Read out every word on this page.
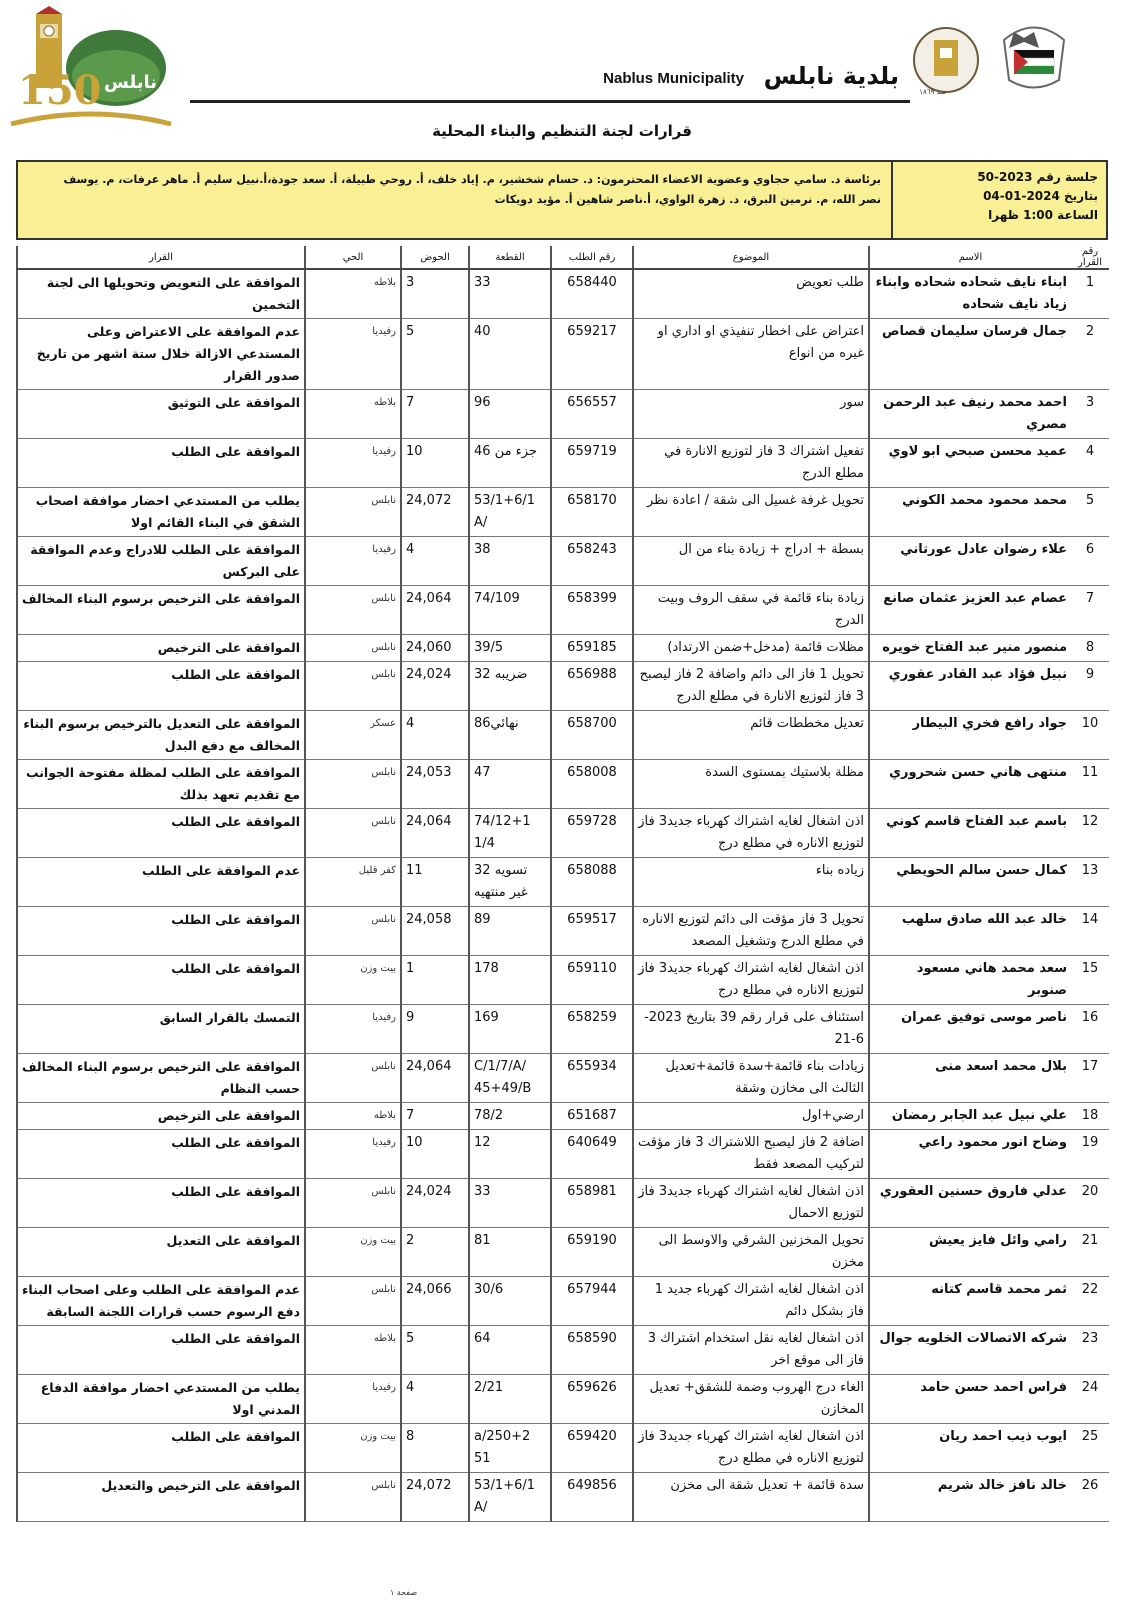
150 نابلس	بلدية نابلس
Nablus Municipality
منذ ١٨٦٩
قرارات لجنة التنظيم والبناء المحلية
جلسة رقم 2023-50
بتاريخ 2024-01-04
الساعة 1:00 ظهرا
برئاسة د. سامي حجاوي وعضوية الاعضاء المحترمون: د. حسام شخشير، م. إياد خلف، أ. روحي طبيلة، أ. سعد جودة،أ.نبيل سليم أ. ماهر عرفات، م. يوسف
نصر الله، م. نرمين البرق، د. زهرة الواوي، أ.ناصر شاهين أ. مؤيد دويكات
رقم القرار	الاسم	الموضوع	رقم الطلب	القطعة	الحوض	الحي	القرار
1	ابناء نايف شحاده شحاده وابناء زياد نايف شحاده	طلب تعويض	658440	33	3	بلاطه	الموافقة على التعويض وتحويلها الى لجنة التخمين
2	جمال فرسان سليمان قصاص	اعتراض على اخطار تنفيذي او اداري او غيره من انواع	659217	40	5	رفيديا	عدم الموافقة على الاعتراض وعلى المستدعي الازالة خلال ستة اشهر من تاريخ صدور القرار
3	احمد محمد رنيف عبد الرحمن مصري	سور	656557	96	7	بلاطه	الموافقة على التوثيق
4	عميد محسن صبحي ابو لاوي	تفعيل اشتراك 3 فاز لتوزيع الانارة في مطلع الدرج	659719	جزء من 46	10	رفيديا	الموافقة على الطلب
5	محمد محمود محمد الكوني	تحويل غرفة غسيل الى شقة / اعادة نظر	658170	53/1+6/1 A/	24,072	نابلس	يطلب من المستدعي احضار موافقة اصحاب الشقق في البناء القائم اولا
6	علاء رضوان عادل عورتاني	بسطة + ادراج + زيادة بناء من ال	658243	38	4	رفيديا	الموافقة على الطلب للادراج وعدم الموافقة على البركس
7	عصام عبد العزيز عثمان صانع	زيادة بناء قائمة في سقف الروف وبيت الدرج	658399	74/109	24,064	نابلس	الموافقة على الترخيص برسوم البناء المخالف
8	منصور منير عبد الفتاح خويره	مظلات قائمة (مدخل+ضمن الارتداد)	659185	39/5	24,060	نابلس	الموافقة على الترخيص
9	نبيل فؤاد عبد القادر عقوري	تحويل 1 فاز الى دائم واضافة 2 فاز ليصبح 3 فاز لتوزيع الانارة في مطلع الدرج	656988	32 ضريبه	24,024	نابلس	الموافقة على الطلب
10	جواد رافع فخري البيطار	تعديل مخططات قائم	658700	86نهائي	4	عسكر	الموافقة على التعديل بالترخيص برسوم البناء المخالف مع دفع البدل
11	منتهى هاني حسن شحروري	مظلة بلاستيك بمستوى السدة	658008	47	24,053	نابلس	الموافقة على الطلب لمظلة مفتوحة الجوانب مع تقديم تعهد بذلك
12	باسم عبد الفتاح قاسم كوني	اذن اشغال لغايه اشتراك كهرباء جديد3 فاز لتوزيع الاناره في مطلع درج	659728	74/12+1 1/4	24,064	نابلس	الموافقة على الطلب
13	كمال حسن سالم الحويطي	زياده بناء	658088	32 تسويه غير منتهيه	11	كفر قليل	عدم الموافقة على الطلب
14	خالد عبد الله صادق سلهب	تحويل 3 فاز مؤقت الى دائم لتوزيع الاناره في مطلع الدرج وتشغيل المصعد	659517	89	24,058	نابلس	الموافقة على الطلب
15	سعد محمد هاني مسعود صنوبر	اذن اشغال لغايه اشتراك كهرباء جديد3 فاز لتوزيع الاناره في مطلع درج	659110	178	1	بيت وزن	الموافقة على الطلب
16	ناصر موسى توفيق عمران	استئناف على قرار رقم 39 بتاريخ 2023-6-21	658259	169	9	رفيديا	التمسك بالقرار السابق
17	بلال محمد اسعد منى	زيادات بناء قائمة+سدة قائمة+تعديل الثالث الى مخازن وشقة	655934	C/1/7/A/ 45+49/B	24,064	نابلس	الموافقة على الترخيص برسوم البناء المخالف حسب النظام
18	علي نبيل عبد الجابر رمضان	ارضي+اول	651687	78/2	7	بلاطه	الموافقة على الترخيص
19	وضاح انور محمود راعي	اضافة 2 فاز ليصبح اللاشتراك 3 فاز مؤقت لتركيب المصعد فقط	640649	12	10	رفيديا	الموافقة على الطلب
20	عدلي فاروق حسنين العقوري	اذن اشغال لغايه اشتراك كهرباء جديد3 فاز لتوزيع الاحمال	658981	33	24,024	نابلس	الموافقة على الطلب
21	رامي وائل فايز يعيش	تحويل المخزنين الشرقي والاوسط الى مخزن	659190	81	2	بيت وزن	الموافقة على التعديل
22	ثمر محمد قاسم كتانه	اذن اشغال لغايه اشتراك كهرباء جديد 1 فاز بشكل دائم	657944	30/6	24,066	نابلس	عدم الموافقة على الطلب وعلى اصحاب البناء دفع الرسوم حسب قرارات اللجنة السابقة
23	شركه الاتصالات الخلويه جوال	اذن اشغال لغايه نقل استخدام اشتراك 3 فاز الى موقع اخر	658590	64	5	بلاطه	الموافقة على الطلب
24	فراس احمد حسن حامد	الغاء درج الهروب وضمة للشقق+ تعديل المخازن	659626	2/21	4	رفيديا	يطلب من المستدعي احضار موافقة الدفاع المدني اولا
25	ايوب ذيب احمد ريان	اذن اشغال لغايه اشتراك كهرباء جديد3 فاز لتوزيع الاناره في مطلع درج	659420	a/250+2 51	8	بيت وزن	الموافقة على الطلب
26	خالد نافز خالد شريم	سدة قائمة + تعديل شقة الى مخزن	649856	53/1+6/1 A/	24,072	نابلس	الموافقة على الترخيص والتعديل
صفحة ١
